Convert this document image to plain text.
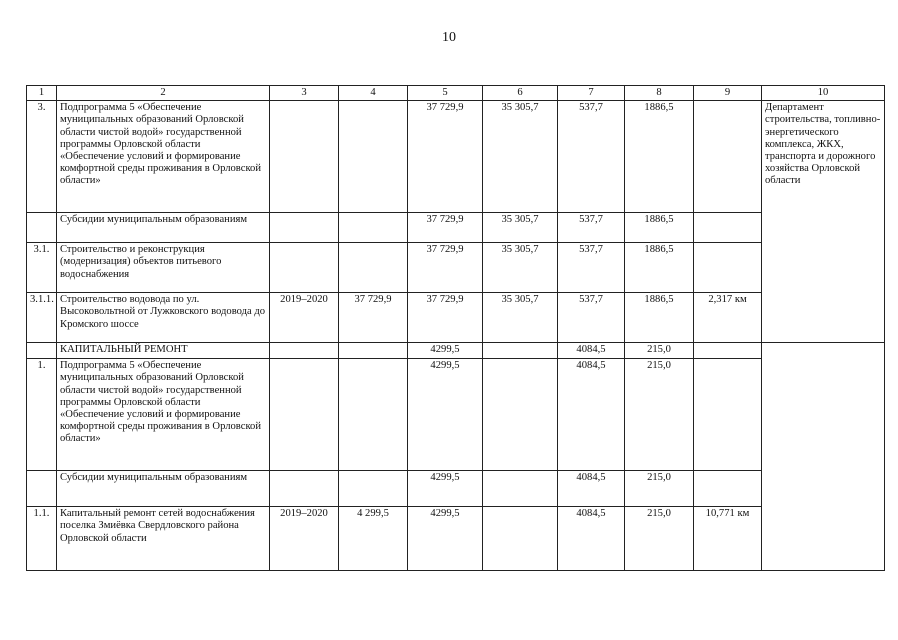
10
1	2	3	4	5	6	7	8	9	10
3.	Подпрограмма 5 «Обеспечение муниципальных образований Орловской области чистой водой» государственной программы Орловской области «Обеспечение условий и формирование комфортной среды проживания в Орловской области»			37 729,9	35 305,7	537,7	1886,5		Департамент строительства, топливно-энергетического комплекса, ЖКХ, транспорта и дорожного хозяйства Орловской области
	Субсидии муниципальным образованиям			37 729,9	35 305,7	537,7	1886,5		
3.1.	Строительство и реконструкция (модернизация) объектов питьевого водоснабжения			37 729,9	35 305,7	537,7	1886,5		
3.1.1.	Строительство водовода по ул. Высоковольтной от Лужковского водовода до Кромского шоссе	2019–2020	37 729,9	37 729,9	35 305,7	537,7	1886,5	2,317 км	
	КАПИТАЛЬНЫЙ РЕМОНТ			4299,5		4084,5	215,0		
1.	Подпрограмма 5 «Обеспечение муниципальных образований Орловской области чистой водой» государственной программы Орловской области «Обеспечение условий и формирование комфортной среды проживания в Орловской области»			4299,5		4084,5	215,0		
	Субсидии муниципальным образованиям			4299,5		4084,5	215,0		
1.1.	Капитальный ремонт сетей водоснабжения поселка Змиёвка Свердловского района Орловской области	2019–2020	4 299,5	4299,5		4084,5	215,0	10,771 км	
